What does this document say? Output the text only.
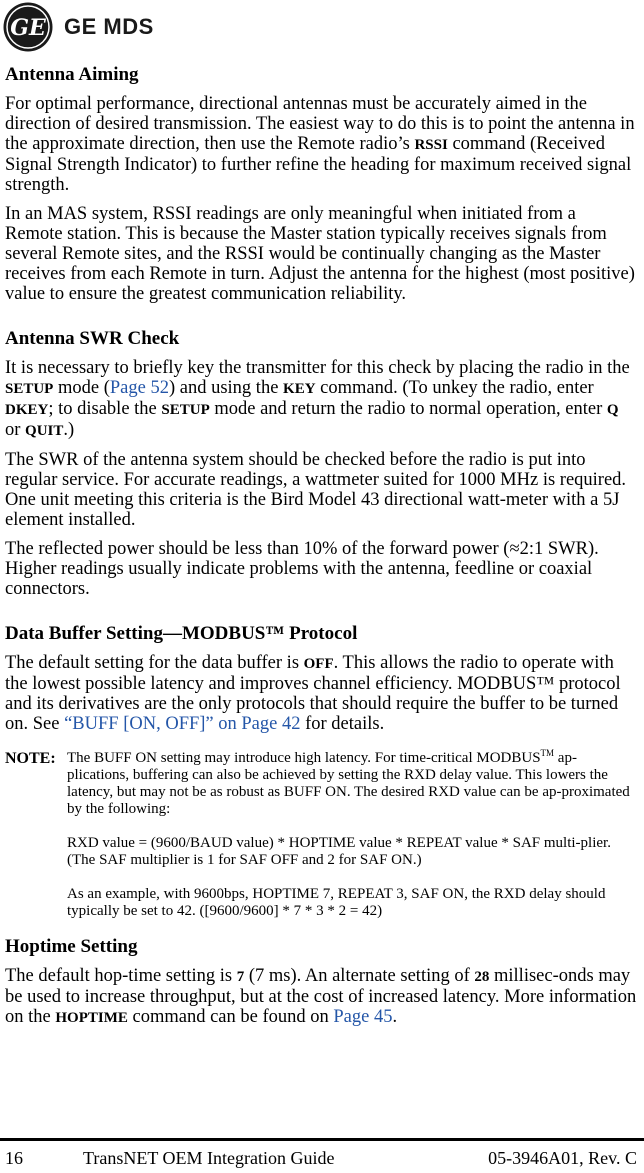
GE GE MDS
Antenna Aiming

For optimal performance, directional antennas must be accurately aimed in the direction of desired transmission. The easiest way to do this is to point the antenna in the approximate direction, then use the Remote radio’s RSSI command (Received Signal Strength Indicator) to further refine the heading for maximum received signal strength.

In an MAS system, RSSI readings are only meaningful when initiated from a Remote station. This is because the Master station typically receives signals from several Remote sites, and the RSSI would be continually changing as the Master receives from each Remote in turn. Adjust the antenna for the highest (most positive) value to ensure the greatest communication reliability.

Antenna SWR Check

It is necessary to briefly key the transmitter for this check by placing the radio in the SETUP mode (Page 52) and using the KEY command. (To unkey the radio, enter DKEY; to disable the SETUP mode and return the radio to normal operation, enter Q or QUIT.)

The SWR of the antenna system should be checked before the radio is put into regular service. For accurate readings, a wattmeter suited for 1000 MHz is required. One unit meeting this criteria is the Bird Model 43 directional watt-meter with a 5J element installed.

The reflected power should be less than 10% of the forward power (≈2:1 SWR). Higher readings usually indicate problems with the antenna, feedline or coaxial connectors.

Data Buffer Setting—MODBUS™ Protocol

The default setting for the data buffer is OFF. This allows the radio to operate with the lowest possible latency and improves channel efficiency. MODBUS™ protocol and its derivatives are the only protocols that should require the buffer to be turned on. See “BUFF [ON, OFF]” on Page 42 for details.

NOTE: The BUFF ON setting may introduce high latency. For time-critical MODBUS™ ap-plications, buffering can also be achieved by setting the RXD delay value. This lowers the latency, but may not be as robust as BUFF ON. The desired RXD value can be ap-proximated by the following:

RXD value = (9600/BAUD value) * HOPTIME value * REPEAT value * SAF multi-plier. (The SAF multiplier is 1 for SAF OFF and 2 for SAF ON.)

As an example, with 9600bps, HOPTIME 7, REPEAT 3, SAF ON, the RXD delay should typically be set to 42. ([9600/9600] * 7 * 3 * 2 = 42)

Hoptime Setting

The default hop-time setting is 7 (7 ms). An alternate setting of 28 millisec-onds may be used to increase throughput, but at the cost of increased latency. More information on the HOPTIME command can be found on Page 45.

16	TransNET OEM Integration Guide	05-3946A01, Rev. C
